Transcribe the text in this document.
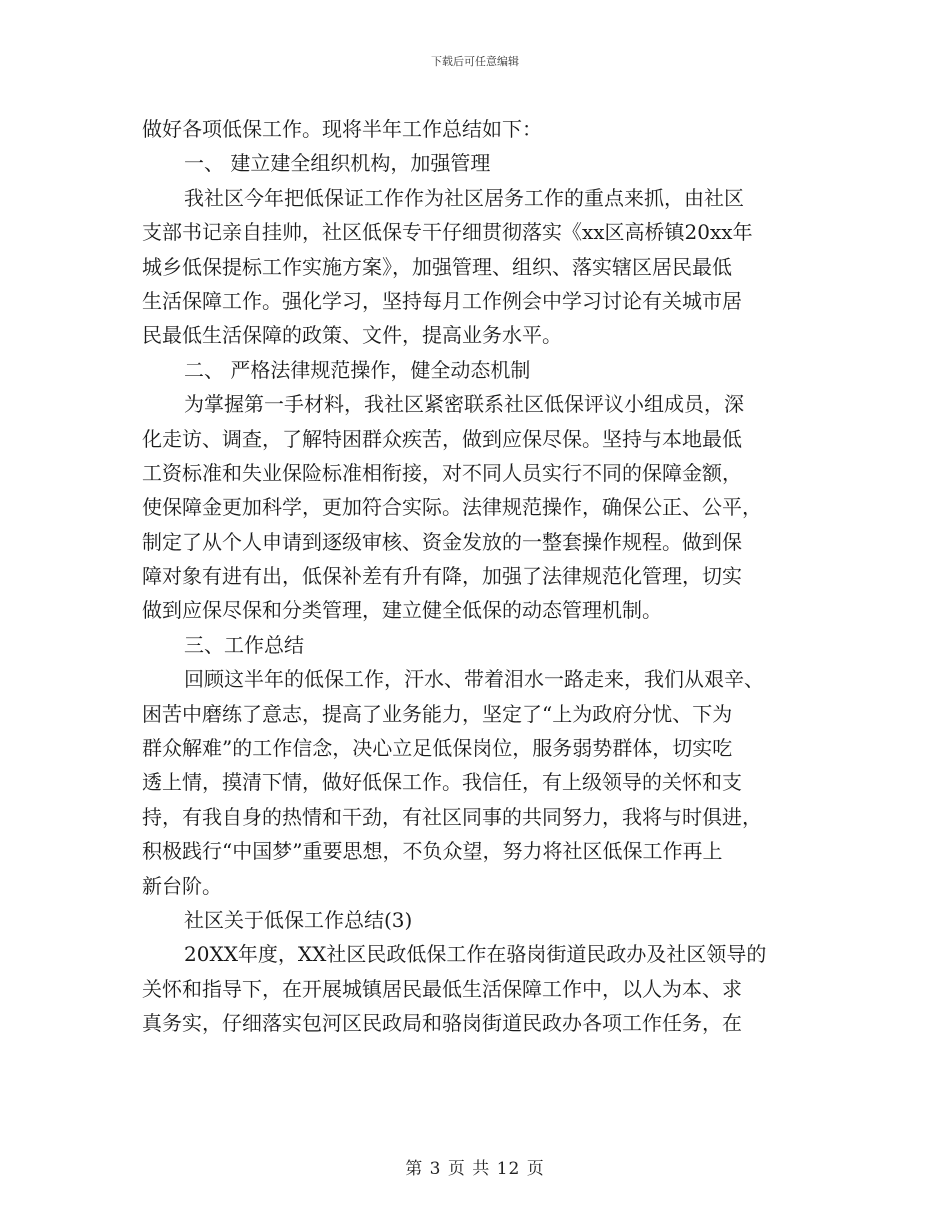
下载后可任意编辑
做好各项低保工作。现将半年工作总结如下：
一、 建立建全组织机构，加强管理
我社区今年把低保证工作作为社区居务工作的重点来抓，由社区
支部书记亲自挂帅，社区低保专干仔细贯彻落实《xx区高桥镇20xx年
城乡低保提标工作实施方案》，加强管理、组织、落实辖区居民最低
生活保障工作。强化学习，坚持每月工作例会中学习讨论有关城市居
民最低生活保障的政策、文件，提高业务水平。
二、 严格法律规范操作，健全动态机制
为掌握第一手材料，我社区紧密联系社区低保评议小组成员，深
化走访、调查，了解特困群众疾苦，做到应保尽保。坚持与本地最低
工资标准和失业保险标准相衔接，对不同人员实行不同的保障金额，
使保障金更加科学，更加符合实际。法律规范操作，确保公正、公平，
制定了从个人申请到逐级审核、资金发放的一整套操作规程。做到保
障对象有进有出，低保补差有升有降，加强了法律规范化管理，切实
做到应保尽保和分类管理，建立健全低保的动态管理机制。
三、工作总结
回顾这半年的低保工作，汗水、带着泪水一路走来，我们从艰辛、
困苦中磨练了意志，提高了业务能力，坚定了“上为政府分忧、下为
群众解难”的工作信念，决心立足低保岗位，服务弱势群体，切实吃
透上情，摸清下情，做好低保工作。我信任，有上级领导的关怀和支
持，有我自身的热情和干劲，有社区同事的共同努力，我将与时俱进，
积极践行“中国梦”重要思想，不负众望，努力将社区低保工作再上
新台阶。
社区关于低保工作总结(3)
20XX年度，XX社区民政低保工作在骆岗街道民政办及社区领导的
关怀和指导下，在开展城镇居民最低生活保障工作中，以人为本、求
真务实，仔细落实包河区民政局和骆岗街道民政办各项工作任务，在
第 3 页 共 12 页
